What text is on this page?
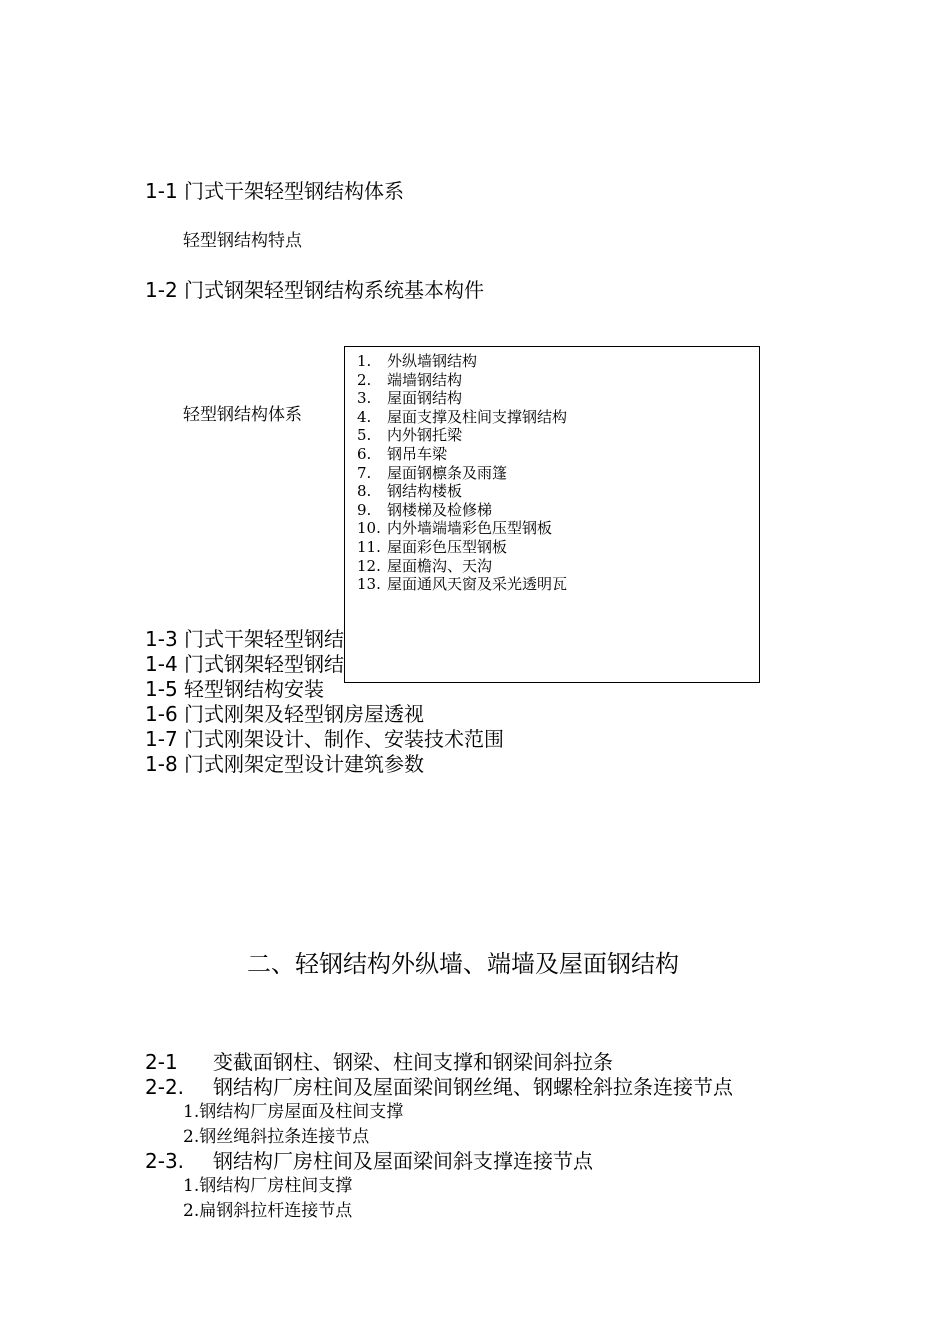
1-1 门式干架轻型钢结构体系
轻型钢结构特点
1-2 门式钢架轻型钢结构系统基本构件
轻型钢结构体系
1-3 门式干架轻型钢结
1-4 门式钢架轻型钢结
1-5 轻型钢结构安装
1. 外纵墙钢结构
2. 端墙钢结构
3. 屋面钢结构
4. 屋面支撑及柱间支撑钢结构
5. 内外钢托梁
6. 钢吊车梁
7. 屋面钢檩条及雨篷
8. 钢结构楼板
9. 钢楼梯及检修梯
10. 内外墙端墙彩色压型钢板
11. 屋面彩色压型钢板
12. 屋面檐沟、天沟
13. 屋面通风天窗及采光透明瓦
1-6 门式刚架及轻型钢房屋透视
1-7 门式刚架设计、制作、安装技术范围
1-8 门式刚架定型设计建筑参数
二、轻钢结构外纵墙、端墙及屋面钢结构
2-1 变截面钢柱、钢梁、柱间支撑和钢梁间斜拉条
2-2. 钢结构厂房柱间及屋面梁间钢丝绳、钢螺栓斜拉条连接节点
1.钢结构厂房屋面及柱间支撑
2.钢丝绳斜拉条连接节点
2-3. 钢结构厂房柱间及屋面梁间斜支撑连接节点
1.钢结构厂房柱间支撑
2.扁钢斜拉杆连接节点
